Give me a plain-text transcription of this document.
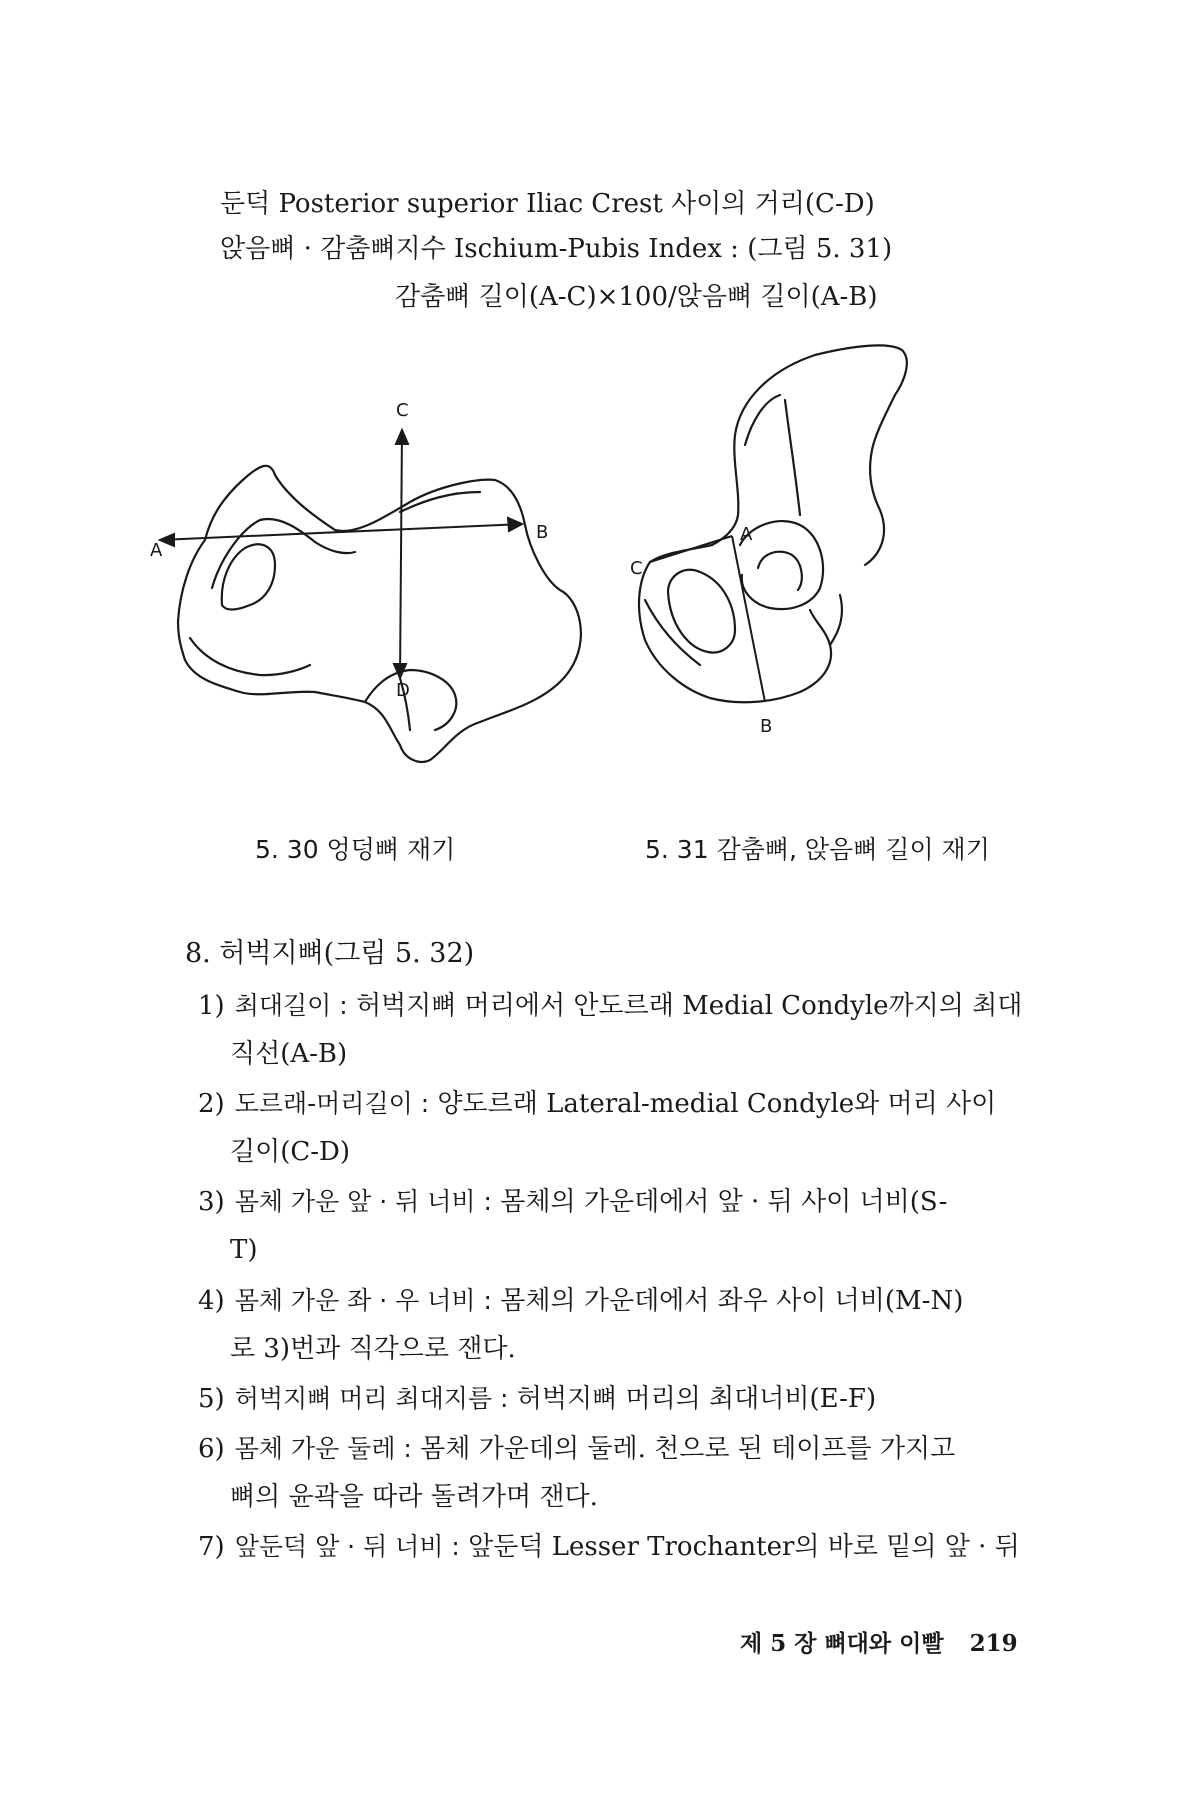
둔덕 Posterior superior Iliac Crest 사이의 거리(C-D)
앉음뼈 · 감춤뼈지수 Ischium-Pubis Index : (그림 5. 31)
감춤뼈 길이(A-C)×100/앉음뼈 길이(A-B)
A
B
C
D
C
A
B
5. 30 엉덩뼈 재기	5. 31 감춤뼈, 앉음뼈 길이 재기
8. 허벅지뼈(그림 5. 32)
1) 최대길이 : 허벅지뼈 머리에서 안도르래 Medial Condyle까지의 최대
직선(A-B)
2) 도르래-머리길이 : 양도르래 Lateral-medial Condyle와 머리 사이
길이(C-D)
3) 몸체 가운 앞 · 뒤 너비 : 몸체의 가운데에서 앞 · 뒤 사이 너비(S-
T)
4) 몸체 가운 좌 · 우 너비 : 몸체의 가운데에서 좌우 사이 너비(M-N)
로 3)번과 직각으로 잰다.
5) 허벅지뼈 머리 최대지름 : 허벅지뼈 머리의 최대너비(E-F)
6) 몸체 가운 둘레 : 몸체 가운데의 둘레. 천으로 된 테이프를 가지고
뼈의 윤곽을 따라 돌려가며 잰다.
7) 앞둔덕 앞 · 뒤 너비 : 앞둔덕 Lesser Trochanter의 바로 밑의 앞 · 뒤
제 5 장 뼈대와 이빨 219
